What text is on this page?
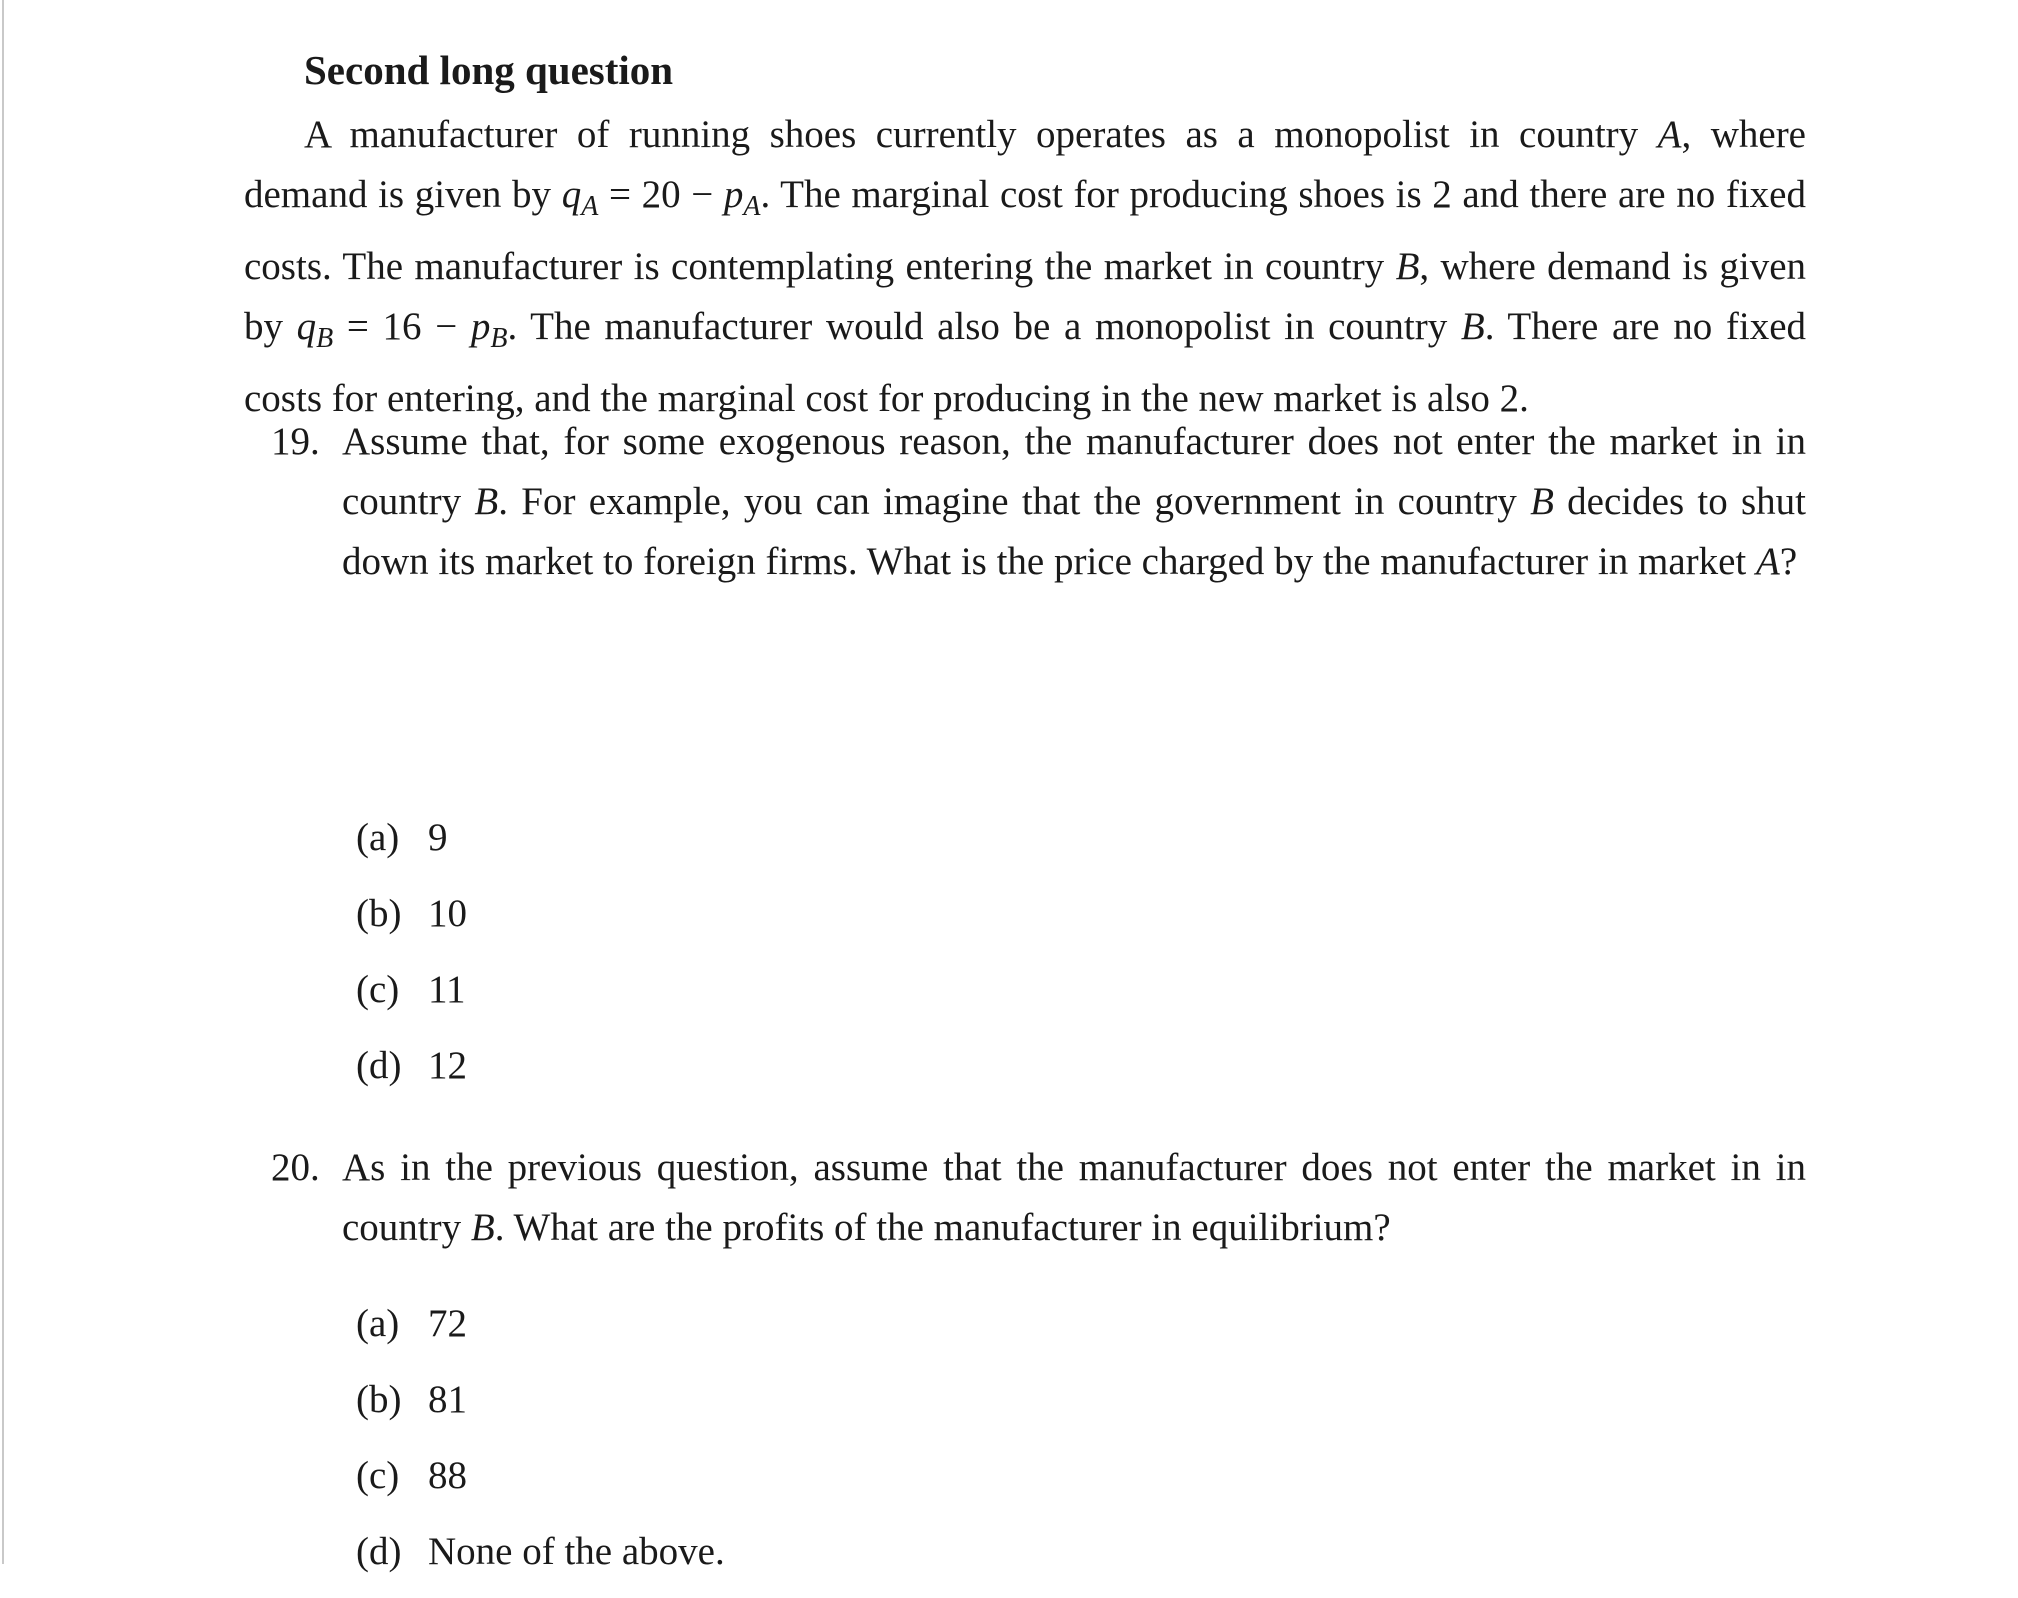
Second long question
A manufacturer of running shoes currently operates as a monopolist in country A, where demand is given by $q_A = 20 - p_A$. The marginal cost for producing shoes is 2 and there are no fixed costs. The manufacturer is contemplating entering the market in country B, where demand is given by $q_B = 16 - p_B$. The manufacturer would also be a monopolist in country B. There are no fixed costs for entering, and the marginal cost for producing in the new market is also 2.
19. Assume that, for some exogenous reason, the manufacturer does not enter the market in in country B. For example, you can imagine that the government in country B decides to shut down its market to foreign firms. What is the price charged by the manufacturer in market A?
(a) 9
(b) 10
(c) 11
(d) 12
20. As in the previous question, assume that the manufacturer does not enter the market in in country B. What are the profits of the manufacturer in equilibrium?
(a) 72
(b) 81
(c) 88
(d) None of the above.
